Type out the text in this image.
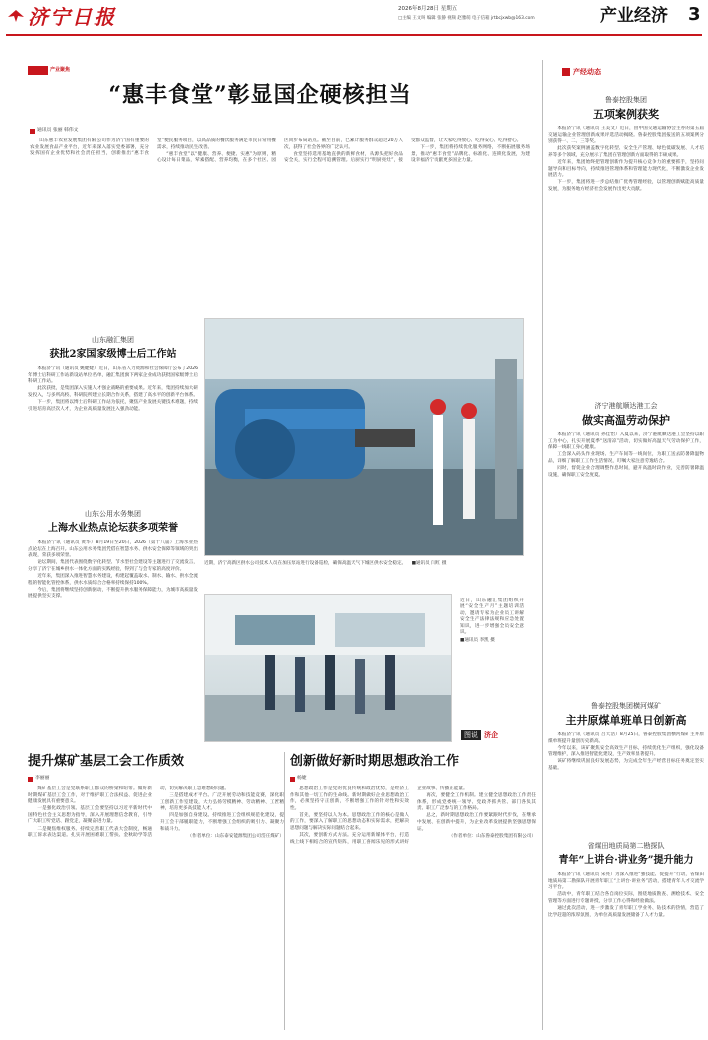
济宁日报	2026年8月28日 星期五
□主编 王文叫 编辑 张静 视频 赵雅萌 电子信箱 jrtbcjxwb@163.com	产业经济 3
产业聚焦	产经动态
“惠丰食堂”彰显国企硬核担当
通讯员 张丽 韩伟文

山东惠丰农业发展集团有限公司作为济宁国有重要的农业发展食品产业平台，近年来深入落实党委部署，充分发挥国有企业优势和社会责任担当，创新推出“惠丰食堂”便民服务项目，以高品质的餐饮服务满足市民日常用餐需求，持续推动民生改善。

“惠丰食堂”以“健康、营养、便捷、实惠”为原则，精心设计每日菜品，荤素搭配、营养均衡，在多个社区、园区同步布局站点。截至目前，已累计服务群众超过20万人次，获得了社会各界的广泛认可。

食堂坚持选用基地直供的新鲜食材，从源头把好食品安全关，实行全程可追溯管理。后厨实行“明厨亮灶”，接受群众监督，让大家吃得放心、吃得安心、吃得舒心。

下一步，集团将持续优化服务网络，不断拓展服务场景，推动“惠丰食堂”品牌化、标准化、连锁化发展，为建设幸福济宁贡献更多国企力量。

近期，济宁高新区供水公司技术人员在加压泵站进行设备巡检，确保高温天气下城区供水安全稳定。 ■通讯员 闫红 摄
图说 济企
近日，山东融汇集团组织开展“安全生产月”主题培训活动，邀请专家为企业员工讲解安全生产法律法规和应急处置知识，进一步增强全员安全意识。
■通讯员 李凯 摄
山东融汇集团
获批2家国家级博士后工作站

本报济宁讯（通讯员 姚婕婕）近日，山东省人力资源和社会保障厅公布了2026年博士后科研工作站新设站单位名单，融汇集团旗下两家企业成功获批国家级博士后科研工作站。

此次获批，是集团深入实施人才强企战略的重要成果。近年来，集团持续加大研发投入，与多所高校、科研院所建立长期合作关系，搭建了高水平的创新平台体系。

下一步，集团将以博士后科研工作站为依托，聚焦产业发展关键技术难题，持续引进培育高层次人才，为企业高质量发展注入强劲动能。

山东公用水务集团
上海水业热点论坛获多项荣誉

本报济宁讯（通讯员 黄华）8月19日至20日，2026（第十八届）上海水业热点论坛在上海召开。山东公用水务集团凭借在智慧水务、供水安全保障等领域的突出表现，荣获多项荣誉。

论坛期间，集团代表围绕数字化转型、节水型社会建设等主题进行了交流发言，分享了济宁在城乡供水一体化方面的实践经验，得到了与会专家的高度评价。

近年来，集团深入推进智慧水务建设，构建起覆盖取水、制水、输水、供水全流程的智能化管控体系，供水水质综合合格率持续保持100%。

今后，集团将继续坚持创新驱动，不断提升供水服务保障能力，为城市高质量发展提供坚实支撑。

提升煤矿基层工会工作质效
李丽丽

煤矿基层工会是党联系职工群众的桥梁和纽带。做好新时期煤矿基层工会工作，对于维护职工合法权益、促进企业健康发展具有重要意义。

一是强化政治引领。基层工会要坚持以习近平新时代中国特色社会主义思想为指导，深入开展理想信念教育，引导广大职工听党话、跟党走，凝聚奋进力量。

二是聚焦维权服务。持续完善职工代表大会制度，畅通职工诉求表达渠道。扎实开展困难职工帮扶、金秋助学等活动，切实解决职工急难愁盼问题。

三是搭建成才平台。广泛开展劳动和技能竞赛，深化职工创新工作室建设，大力弘扬劳模精神、劳动精神、工匠精神，培育更多高技能人才。

四是加强自身建设。持续推进工会组织规范化建设，提升工会干部履职能力，不断增强工会组织的吸引力、凝聚力和战斗力。

（作者单位：山东泰安能源集团公司岱庄煤矿）

创新做好新时期思想政治工作
杨婕

思想政治工作是党的优良传统和政治优势，是经济工作和其他一切工作的生命线。新时期做好企业思想政治工作，必须坚持守正创新，不断增强工作的针对性和实效性。

首先，要坚持以人为本。思想政治工作的核心是做人的工作，要深入了解职工的思想动态和实际需求，把解决思想问题与解决实际问题结合起来。

其次，要创新方式方法。充分运用新媒体平台，打造线上线下相结合的宣传矩阵，用职工喜闻乐见的形式讲好企业故事、传播正能量。

再次，要健全工作机制。建立健全思想政治工作责任体系，形成党委统一领导、党政齐抓共管、部门各负其责、职工广泛参与的工作格局。

总之，新时期思想政治工作要紧跟时代步伐，在继承中发展、在创新中提升，为企业改革发展提供坚强思想保证。

（作者单位：山东鲁泰控股集团有限公司）

鲁泰控股集团
五项案例获奖

本报济宁讯（通讯员 王美文）近日，由中国交通运输协会主办的第五届交通运输企业管理创新成果评选活动揭晓。鲁泰控股集团报送的五项案例分别获得一、二、三等奖。

此次获奖案例涵盖数字化转型、安全生产管理、绿色低碳发展、人才培养等多个领域，充分展示了集团在管理创新方面取得的丰硕成果。

近年来，集团始终把管理创新作为提升核心竞争力的重要抓手，坚持问题导向和目标导向，持续推进管理体系和管理能力现代化，不断激发企业发展活力。

下一步，集团将进一步总结推广优秀管理经验，以管理创新赋能高质量发展，为服务地方经济社会发展作出更大贡献。

济宁港航顺达港工会
做实高温劳动保护

本报济宁讯（通讯员 孙佳怡）入夏以来，济宁港航顺达港工会坚持以职工为中心，扎实开展夏季“送清凉”活动，切实做好高温天气劳动保护工作，保障一线职工身心健康。

工会深入码头作业现场、生产车间等一线岗位，为职工送去防暑降温物品，详细了解职工工作生活情况，叮嘱大家注意劳逸结合。

同时，督促企业合理调整作息时间，避开高温时段作业，完善防暑降温设施，确保职工安全度夏。

鲁泰控股集团横河煤矿
主井原煤单班单日创新高

本报济宁讯（通讯员 吕天浩）8月25日，鲁泰控股集团横河煤矿主井原煤单班提升量创历史新高。

今年以来，该矿聚焦安全高效生产目标，持续优化生产组织，强化设备管理维护，深入推进智能化建设，生产效率显著提升。

该矿将继续巩固良好发展态势，为完成全年生产经营目标任务奠定坚实基础。

省煤田地质局第二勘探队
青年“上讲台·讲业务”提升能力

本报济宁讯（通讯员 宋亮）为深入推进“强技能、促提升”行动，省煤田地质局第二勘探队开展青年职工“上讲台·讲业务”活动，搭建青年人才交流学习平台。

活动中，青年职工结合各自岗位实际，围绕地质勘查、测绘技术、安全管理等方面进行专题讲授，分享工作心得和经验做法。

通过此次活动，进一步激发了青年职工学业务、钻技术的热情，营造了比学赶超的浓厚氛围，为单位高质量发展储备了人才力量。
